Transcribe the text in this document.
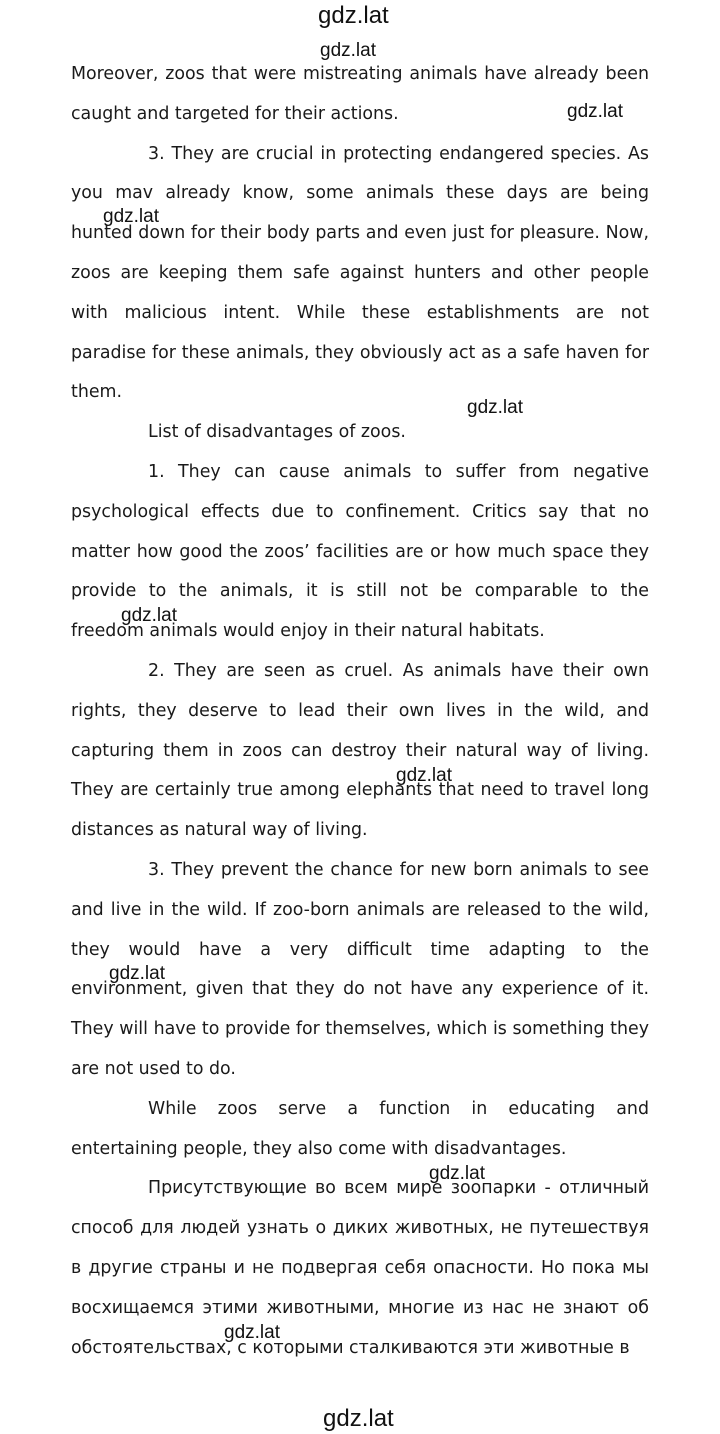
gdz.lat
gdz.lat
gdz.lat
gdz.lat
gdz.lat
gdz.lat
gdz.lat
gdz.lat
gdz.lat
gdz.lat
gdz.lat

Moreover, zoos that were mistreating animals have already been caught and targeted for their actions.

3. They are crucial in protecting endangered species. As you mav already know, some animals these days are being hunted down for their body parts and even just for pleasure. Now, zoos are keeping them safe against hunters and other people with malicious intent. While these establishments are not paradise for these animals, they obviously act as a safe haven for them.

List of disadvantages of zoos.

1. They can cause animals to suffer from negative psychological effects due to confinement. Critics say that no matter how good the zoos’ facilities are or how much space they provide to the animals, it is still not be comparable to the freedom animals would enjoy in their natural habitats.

2. They are seen as cruel. As animals have their own rights, they deserve to lead their own lives in the wild, and capturing them in zoos can destroy their natural way of living. They are certainly true among elephants that need to travel long distances as natural way of living.

3. They prevent the chance for new born animals to see and live in the wild. If zoo-born animals are released to the wild, they would have a very difficult time adapting to the environment, given that they do not have any experience of it. They will have to provide for themselves, which is something they are not used to do.

While zoos serve a function in educating and entertaining people, they also come with disadvantages.

Присутствующие во всем мире зоопарки - отличный способ для людей узнать о диких животных, не путешествуя в другие страны и не подвергая себя опасности. Но пока мы восхищаемся этими животными, многие из нас не знают об обстоятельствах, с которыми сталкиваются эти животные в
